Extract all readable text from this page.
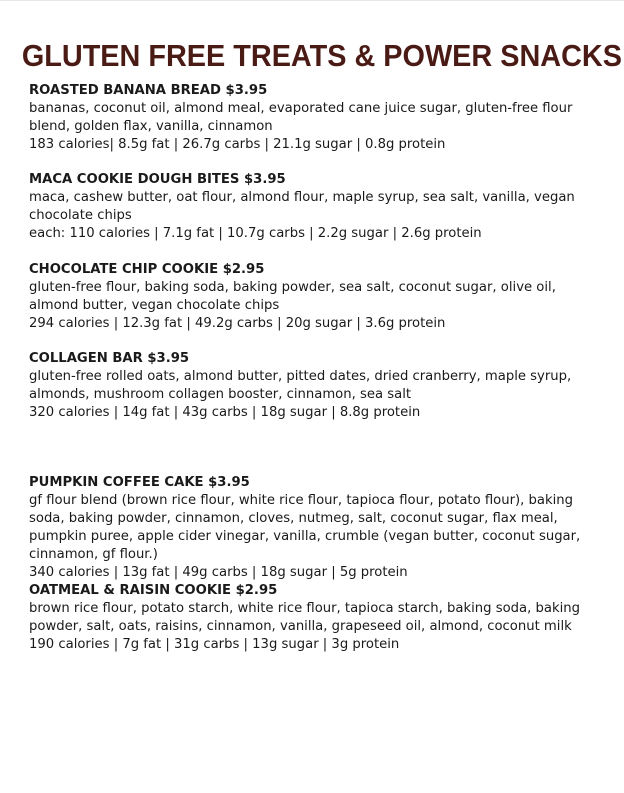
GLUTEN FREE TREATS & POWER SNACKS
ROASTED BANANA BREAD $3.95
bananas, coconut oil, almond meal, evaporated cane juice sugar, gluten-free flour blend, golden flax, vanilla, cinnamon
183 calories| 8.5g fat | 26.7g carbs | 21.1g sugar | 0.8g protein
MACA COOKIE DOUGH BITES $3.95
maca, cashew butter, oat flour, almond flour, maple syrup, sea salt, vanilla, vegan chocolate chips
each: 110 calories | 7.1g fat | 10.7g carbs | 2.2g sugar | 2.6g protein
CHOCOLATE CHIP COOKIE $2.95
gluten-free flour, baking soda, baking powder, sea salt, coconut sugar, olive oil, almond butter, vegan chocolate chips
294 calories | 12.3g fat | 49.2g carbs | 20g sugar | 3.6g protein
COLLAGEN BAR $3.95
gluten-free rolled oats, almond butter, pitted dates, dried cranberry, maple syrup, almonds, mushroom collagen booster, cinnamon, sea salt
320 calories | 14g fat | 43g carbs | 18g sugar | 8.8g protein
PUMPKIN COFFEE CAKE $3.95
gf flour blend (brown rice flour, white rice flour, tapioca flour, potato flour), baking soda, baking powder, cinnamon, cloves, nutmeg, salt, coconut sugar, flax meal, pumpkin puree, apple cider vinegar, vanilla, crumble (vegan butter, coconut sugar, cinnamon, gf flour.)
340 calories | 13g fat | 49g carbs | 18g sugar | 5g protein
OATMEAL & RAISIN COOKIE $2.95
brown rice flour, potato starch, white rice flour, tapioca starch, baking soda, baking powder, salt, oats, raisins, cinnamon, vanilla, grapeseed oil, almond, coconut milk
190 calories | 7g fat | 31g carbs | 13g sugar | 3g protein
